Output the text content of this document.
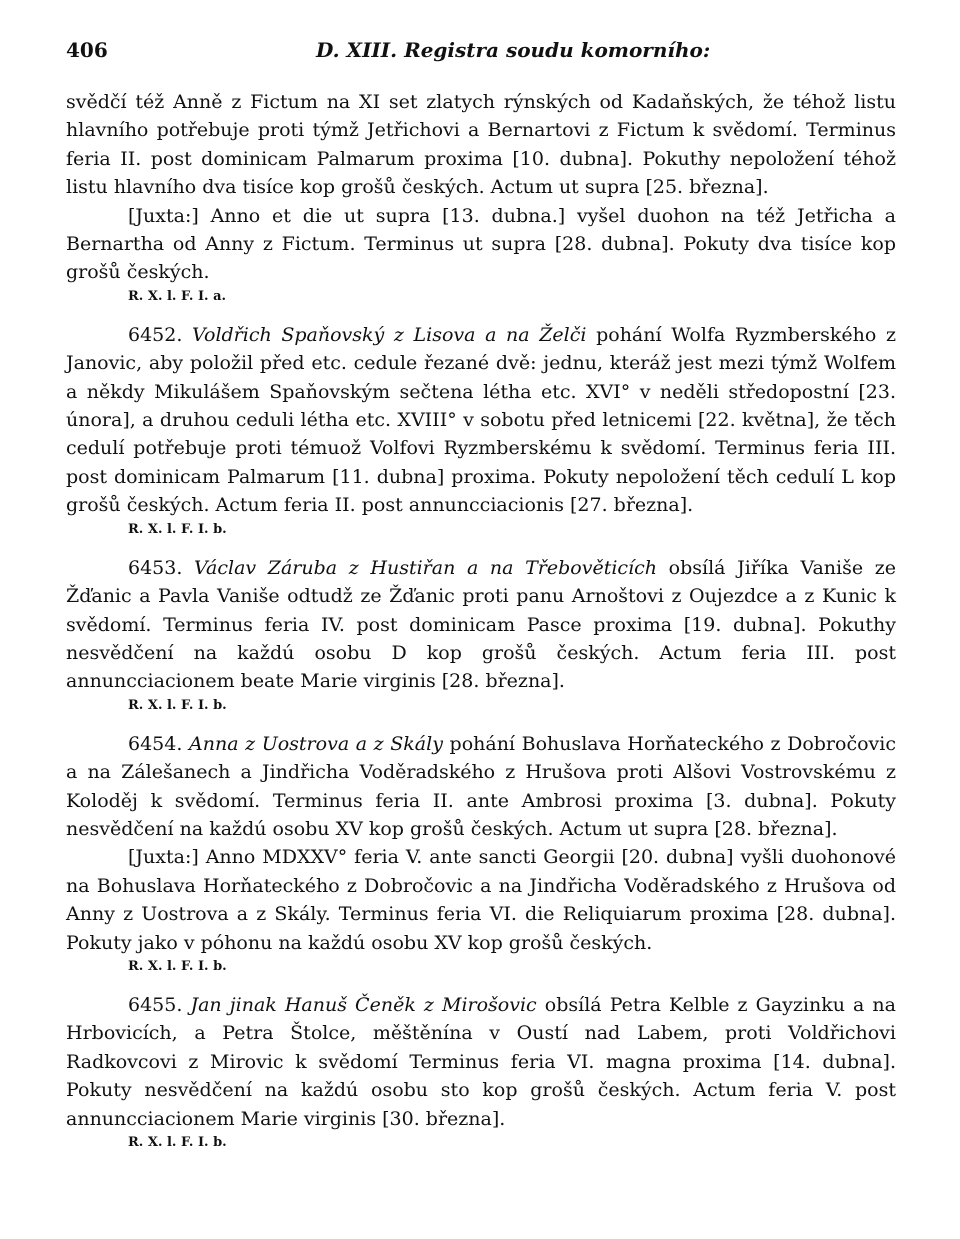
406	D. XIII. Registra soudu komorního:

svědčí též Anně z Fictum na XI set zlatych rýnských od Kadaňských, že téhož listu hlavního potřebuje proti týmž Jetřichovi a Bernartovi z Fictum k svědomí. Terminus feria II. post dominicam Palmarum proxima [10. dubna]. Pokuthy nepoložení téhož listu hlavního dva tisíce kop grošů českých. Actum ut supra [25. března].

[Juxta:] Anno et die ut supra [13. dubna.] vyšel duohon na též Jetřicha a Bernartha od Anny z Fictum. Terminus ut supra [28. dubna]. Pokuty dva tisíce kop grošů českých.

R. X. l. F. I. a.

6452. Voldřich Spaňovský z Lisova a na Želči pohání Wolfa Ryzmberského z Janovic, aby položil před etc. cedule řezané dvě: jednu, kteráž jest mezi týmž Wolfem a někdy Mikulášem Spaňovským sečtena létha etc. XVI° v neděli středopostní [23. února], a druhou ceduli létha etc. XVIII° v sobotu před letnicemi [22. května], že těch cedulí potřebuje proti témuož Volfovi Ryzmberskému k svědomí. Terminus feria III. post dominicam Palmarum [11. dubna] proxima. Pokuty nepoložení těch cedulí L kop grošů českých. Actum feria II. post annuncciacionis [27. března].

R. X. l. F. I. b.

6453. Václav Záruba z Hustiřan a na Třebověticích obsílá Jiříka Vaniše ze Žďanic a Pavla Vaniše odtudž ze Žďanic proti panu Arnoštovi z Oujezdce a z Kunic k svědomí. Terminus feria IV. post dominicam Pasce proxima [19. dubna]. Pokuthy nesvědčení na každú osobu D kop grošů českých. Actum feria III. post annuncciacionem beate Marie virginis [28. března].

R. X. l. F. I. b.

6454. Anna z Uostrova a z Skály pohání Bohuslava Horňateckého z Dobročovic a na Zálešanech a Jindřicha Voděradského z Hrušova proti Alšovi Vostrovskému z Koloděj k svědomí. Terminus feria II. ante Ambrosi proxima [3. dubna]. Pokuty nesvědčení na každú osobu XV kop grošů českých. Actum ut supra [28. března].

[Juxta:] Anno MDXXV° feria V. ante sancti Georgii [20. dubna] vyšli duohonové na Bohuslava Horňateckého z Dobročovic a na Jindřicha Voděradského z Hrušova od Anny z Uostrova a z Skály. Terminus feria VI. die Reliquiarum proxima [28. dubna]. Pokuty jako v póhonu na každú osobu XV kop grošů českých.

R. X. l. F. I. b.

6455. Jan jinak Hanuš Čeněk z Mirošovic obsílá Petra Kelble z Gayzinku a na Hrbovicích, a Petra Štolce, měštěnína v Oustí nad Labem, proti Voldřichovi Radkovcovi z Mirovic k svědomí Terminus feria VI. magna proxima [14. dubna]. Pokuty nesvědčení na každú osobu sto kop grošů českých. Actum feria V. post annuncciacionem Marie virginis [30. března].

R. X. l. F. I. b.
